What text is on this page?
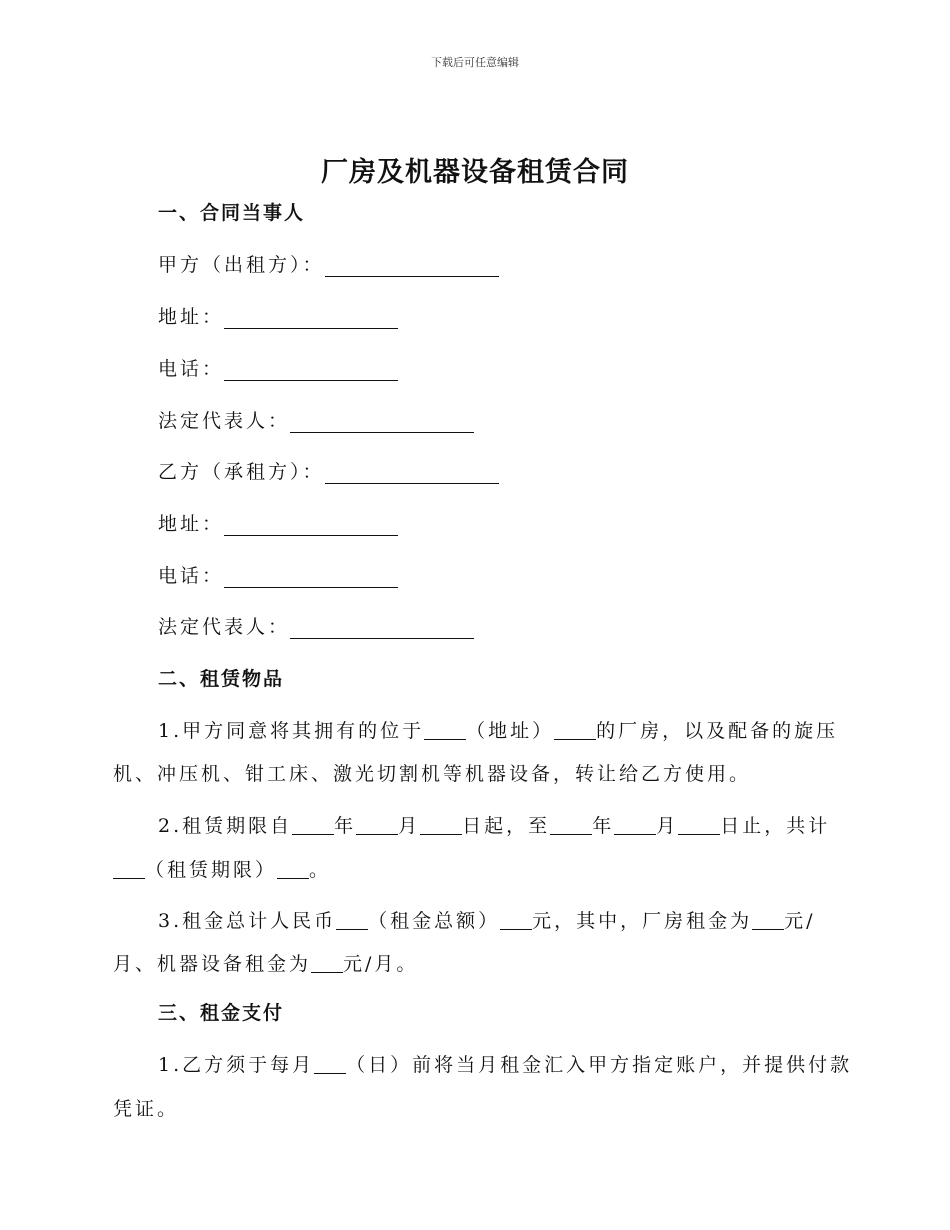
下载后可任意编辑
厂房及机器设备租赁合同
一、合同当事人
甲方（出租方）：
地址：
电话：
法定代表人：
乙方（承租方）：
地址：
电话：
法定代表人：
二、租赁物品
1.甲方同意将其拥有的位于 （地址） 的厂房，以及配备的旋压
机、冲压机、钳工床、激光切割机等机器设备，转让给乙方使用。
2.租赁期限自 年 月 日起，至 年 月 日止，共计
（租赁期限） 。
3.租金总计人民币 （租金总额） 元，其中，厂房租金为 元/
月、机器设备租金为 元/月。
三、租金支付
1.乙方须于每月 （日）前将当月租金汇入甲方指定账户，并提供付款
凭证。
